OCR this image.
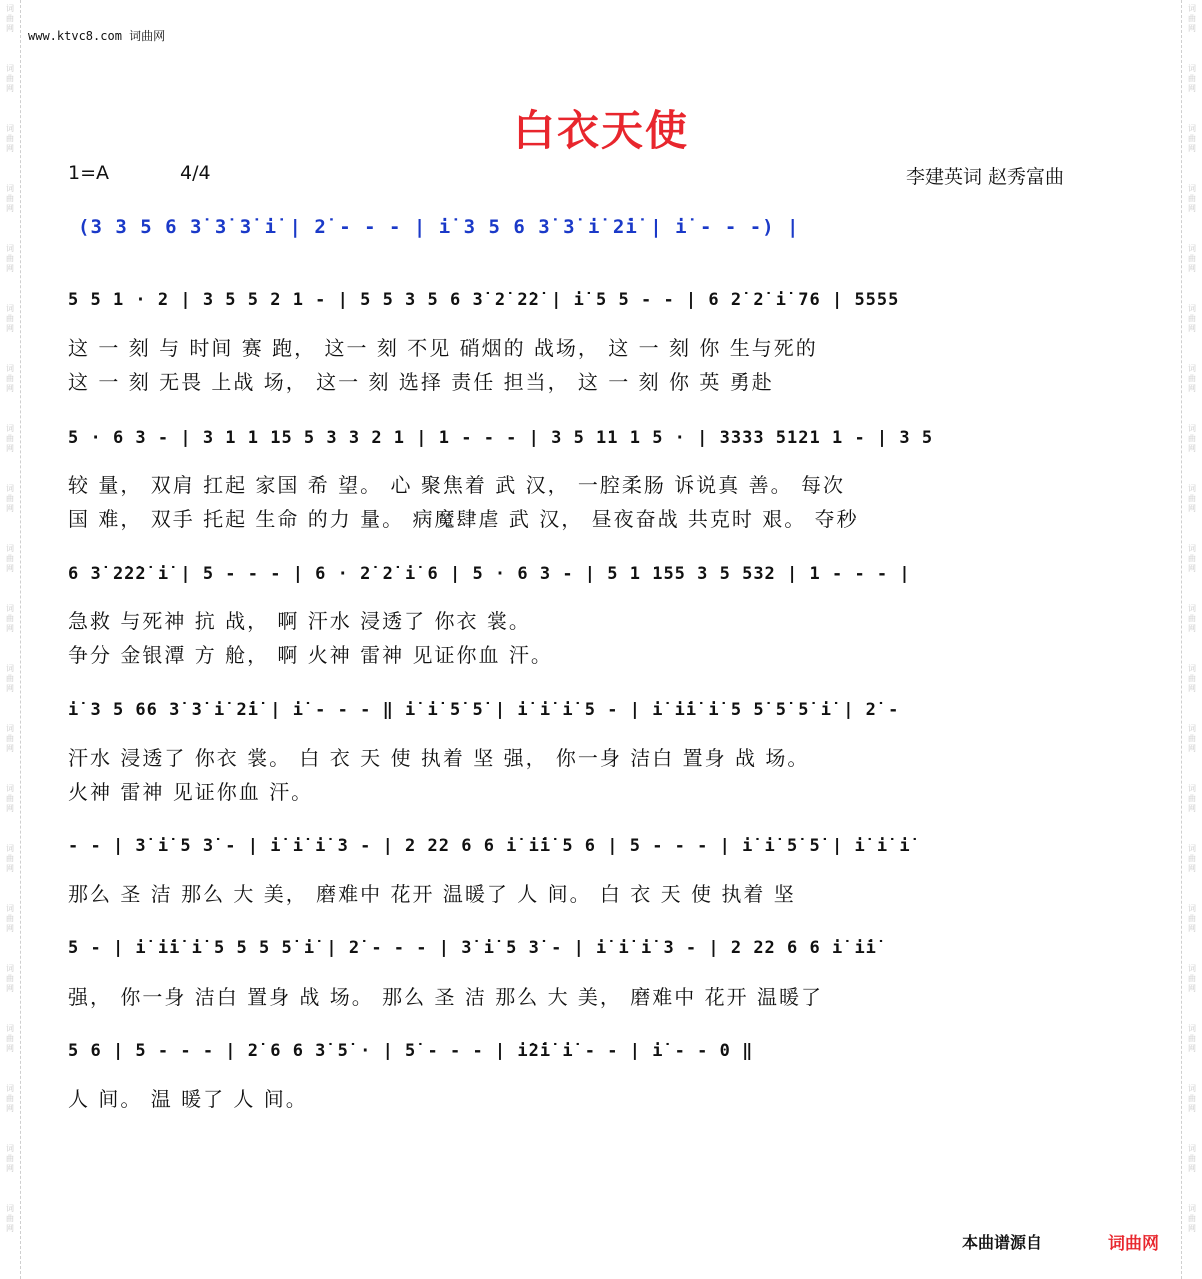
词
曲
网
词
曲
网
词
曲
网
词
曲
网
词
曲
网
词
曲
网
词
曲
网
词
曲
网
词
曲
网
词
曲
网
词
曲
网
词
曲
网
词
曲
网
词
曲
网
词
曲
网
词
曲
网
词
曲
网
词
曲
网
词
曲
网
词
曲
网
词
曲
网
词
曲
网
词
曲
网
词
曲
网
词
曲
网
词
曲
网
词
曲
网
词
曲
网
词
曲
网
词
曲
网
词
曲
网
词
曲
网
词
曲
网
词
曲
网
词
曲
网
词
曲
网
词
曲
网
词
曲
网
词
曲
网
词
曲
网
词
曲
网
词
曲
网
www.ktvc8.com 词曲网
白衣天使
1=A	4/4	李建英词 赵秀富曲
(3 3 5 6 3̇ 3̇ 3̇ i̇ | 2̇ - - - | i̇ 3 5 6 3̇ 3̇ i̇ 2̇i̇ | i̇ - - -) |
5 5 1 · 2 | 3 5 5 2 1 - | 5 5 3 5 6 3̇ 2̇ 2̇2̇ | i̇ 5 5 - - | 6 2̇ 2̇ i̇ 76 | 5555
这 一 刻 与 时间 赛 跑， 这一 刻 不见 硝烟的 战场， 这 一 刻 你 生与死的
这 一 刻 无畏 上战 场， 这一 刻 选择 责任 担当， 这 一 刻 你 英 勇赴
5 · 6 3 - | 3 1 1 15 5 3 3 2 1 | 1 - - - | 3 5 11 1 5 · | 3333 5121 1 - | 3 5
较 量， 双肩 扛起 家国 希 望。 心 聚焦着 武 汉， 一腔柔肠 诉说真 善。 每次
国 难， 双手 托起 生命 的力 量。 病魔肆虐 武 汉， 昼夜奋战 共克时 艰。 夺秒
6 3̇ 2̇2̇2̇ i̇ | 5 - - - | 6 · 2̇ 2̇ i̇ 6 | 5 · 6 3 - | 5 1 155 3 5 532 | 1 - - - |
急救 与死神 抗 战， 啊 汗水 浸透了 你衣 裳。
争分 金银潭 方 舱， 啊 火神 雷神 见证你血 汗。
i̇ 3 5 66 3̇ 3̇ i̇ 2̇i̇ | i̇ - - - ‖ i̇ i̇ 5̇ 5̇ | i̇ i̇ i̇ 5 - | i̇ i̇i̇ i̇ 5 5̇ 5̇ 5̇ i̇ | 2̇ -
汗水 浸透了 你衣 裳。 白 衣 天 使 执着 坚 强， 你一身 洁白 置身 战 场。
火神 雷神 见证你血 汗。
- - | 3̇ i̇ 5 3̇ - | i̇ i̇ i̇ 3 - | 2 22 6 6 i̇ i̇i̇ 5 6 | 5 - - - | i̇ i̇ 5̇ 5̇ | i̇ i̇ i̇
那么 圣 洁 那么 大 美， 磨难中 花开 温暖了 人 间。 白 衣 天 使 执着 坚
5 - | i̇ i̇i̇ i̇ 5 5 5 5̇ i̇ | 2̇ - - - | 3̇ i̇ 5 3̇ - | i̇ i̇ i̇ 3 - | 2 22 6 6 i̇ i̇i̇
强， 你一身 洁白 置身 战 场。 那么 圣 洁 那么 大 美， 磨难中 花开 温暖了
5 6 | 5 - - - | 2̇ 6 6 3̇ 5̇ · | 5̇ - - - | i̇2̇i̇ i̇ - - | i̇ - - 0 ‖
人 间。 温 暖了 人 间。
本曲谱源自	词曲网
